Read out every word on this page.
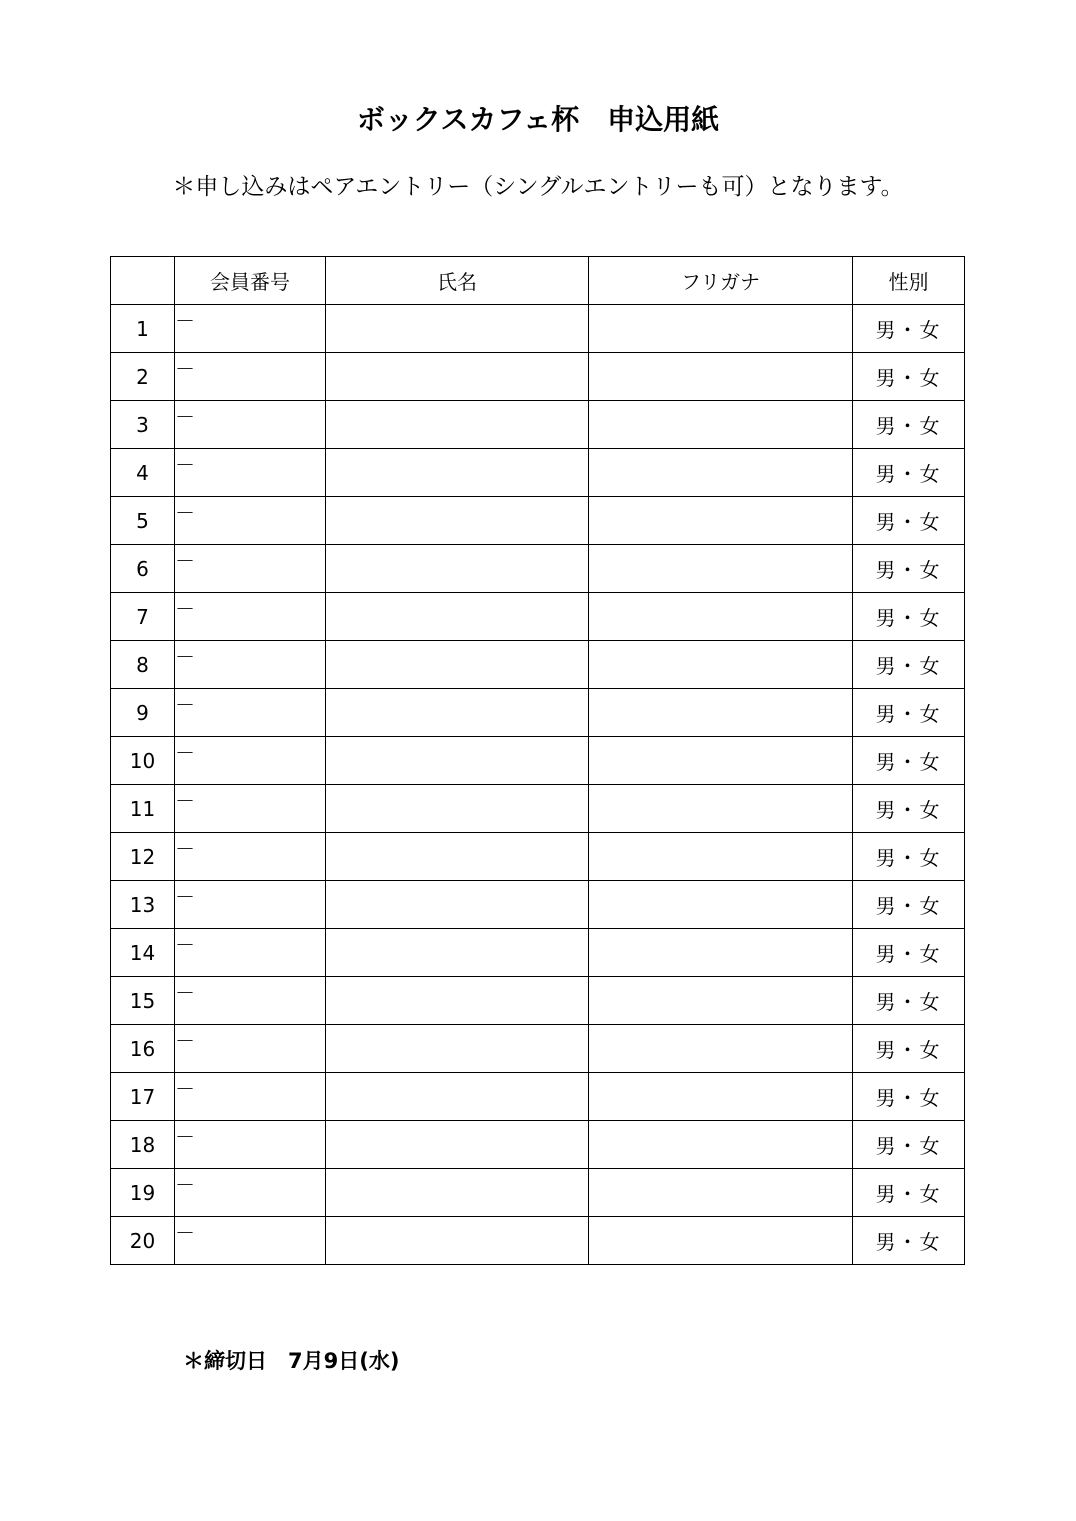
ボックスカフェ杯　申込用紙

＊申し込みはペアエントリー（シングルエントリーも可）となります。

	会員番号	氏名	フリガナ	性別
1	－			男・女
2	－			男・女
3	－			男・女
4	－			男・女
5	－			男・女
6	－			男・女
7	－			男・女
8	－			男・女
9	－			男・女
10	－			男・女
11	－			男・女
12	－			男・女
13	－			男・女
14	－			男・女
15	－			男・女
16	－			男・女
17	－			男・女
18	－			男・女
19	－			男・女
20	－			男・女

＊締切日　7月9日(水)
